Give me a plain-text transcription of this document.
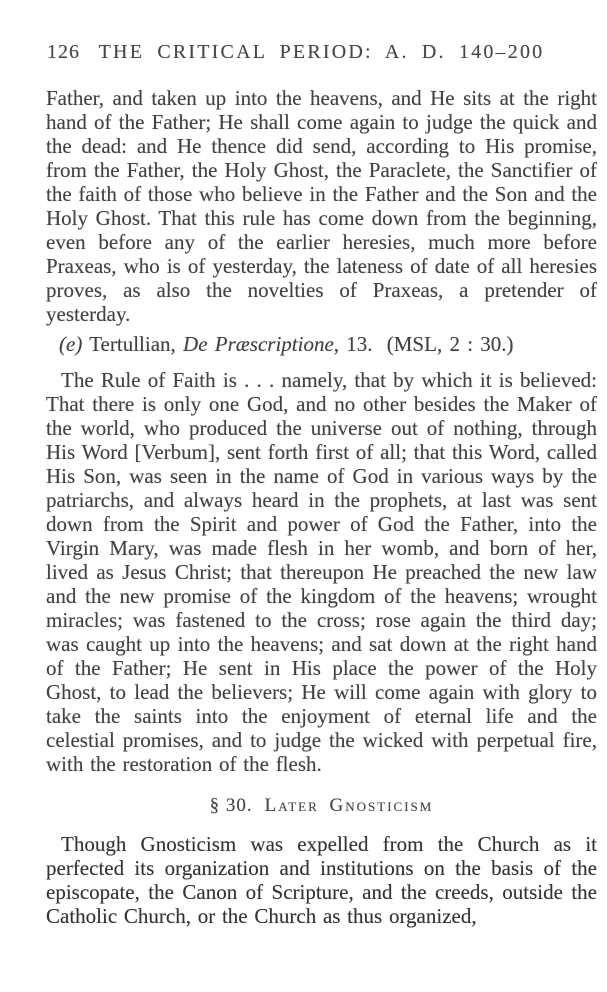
126 THE CRITICAL PERIOD: A. D. 140–200

Father, and taken up into the heavens, and He sits at the right hand of the Father; He shall come again to judge the quick and the dead: and He thence did send, according to His promise, from the Father, the Holy Ghost, the Paraclete, the Sanctifier of the faith of those who believe in the Father and the Son and the Holy Ghost. That this rule has come down from the beginning, even before any of the earlier heresies, much more before Praxeas, who is of yesterday, the lateness of date of all heresies proves, as also the novelties of Praxeas, a pretender of yesterday.

(e) Tertullian, De Præscriptione, 13. (MSL, 2 : 30.)

The Rule of Faith is . . . namely, that by which it is believed: That there is only one God, and no other besides the Maker of the world, who produced the universe out of nothing, through His Word [Verbum], sent forth first of all; that this Word, called His Son, was seen in the name of God in various ways by the patriarchs, and always heard in the prophets, at last was sent down from the Spirit and power of God the Father, into the Virgin Mary, was made flesh in her womb, and born of her, lived as Jesus Christ; that thereupon He preached the new law and the new promise of the kingdom of the heavens; wrought miracles; was fastened to the cross; rose again the third day; was caught up into the heavens; and sat down at the right hand of the Father; He sent in His place the power of the Holy Ghost, to lead the believers; He will come again with glory to take the saints into the enjoyment of eternal life and the celestial promises, and to judge the wicked with perpetual fire, with the restoration of the flesh.

§ 30. Later Gnosticism

Though Gnosticism was expelled from the Church as it perfected its organization and institutions on the basis of the episcopate, the Canon of Scripture, and the creeds, outside the Catholic Church, or the Church as thus organized,
